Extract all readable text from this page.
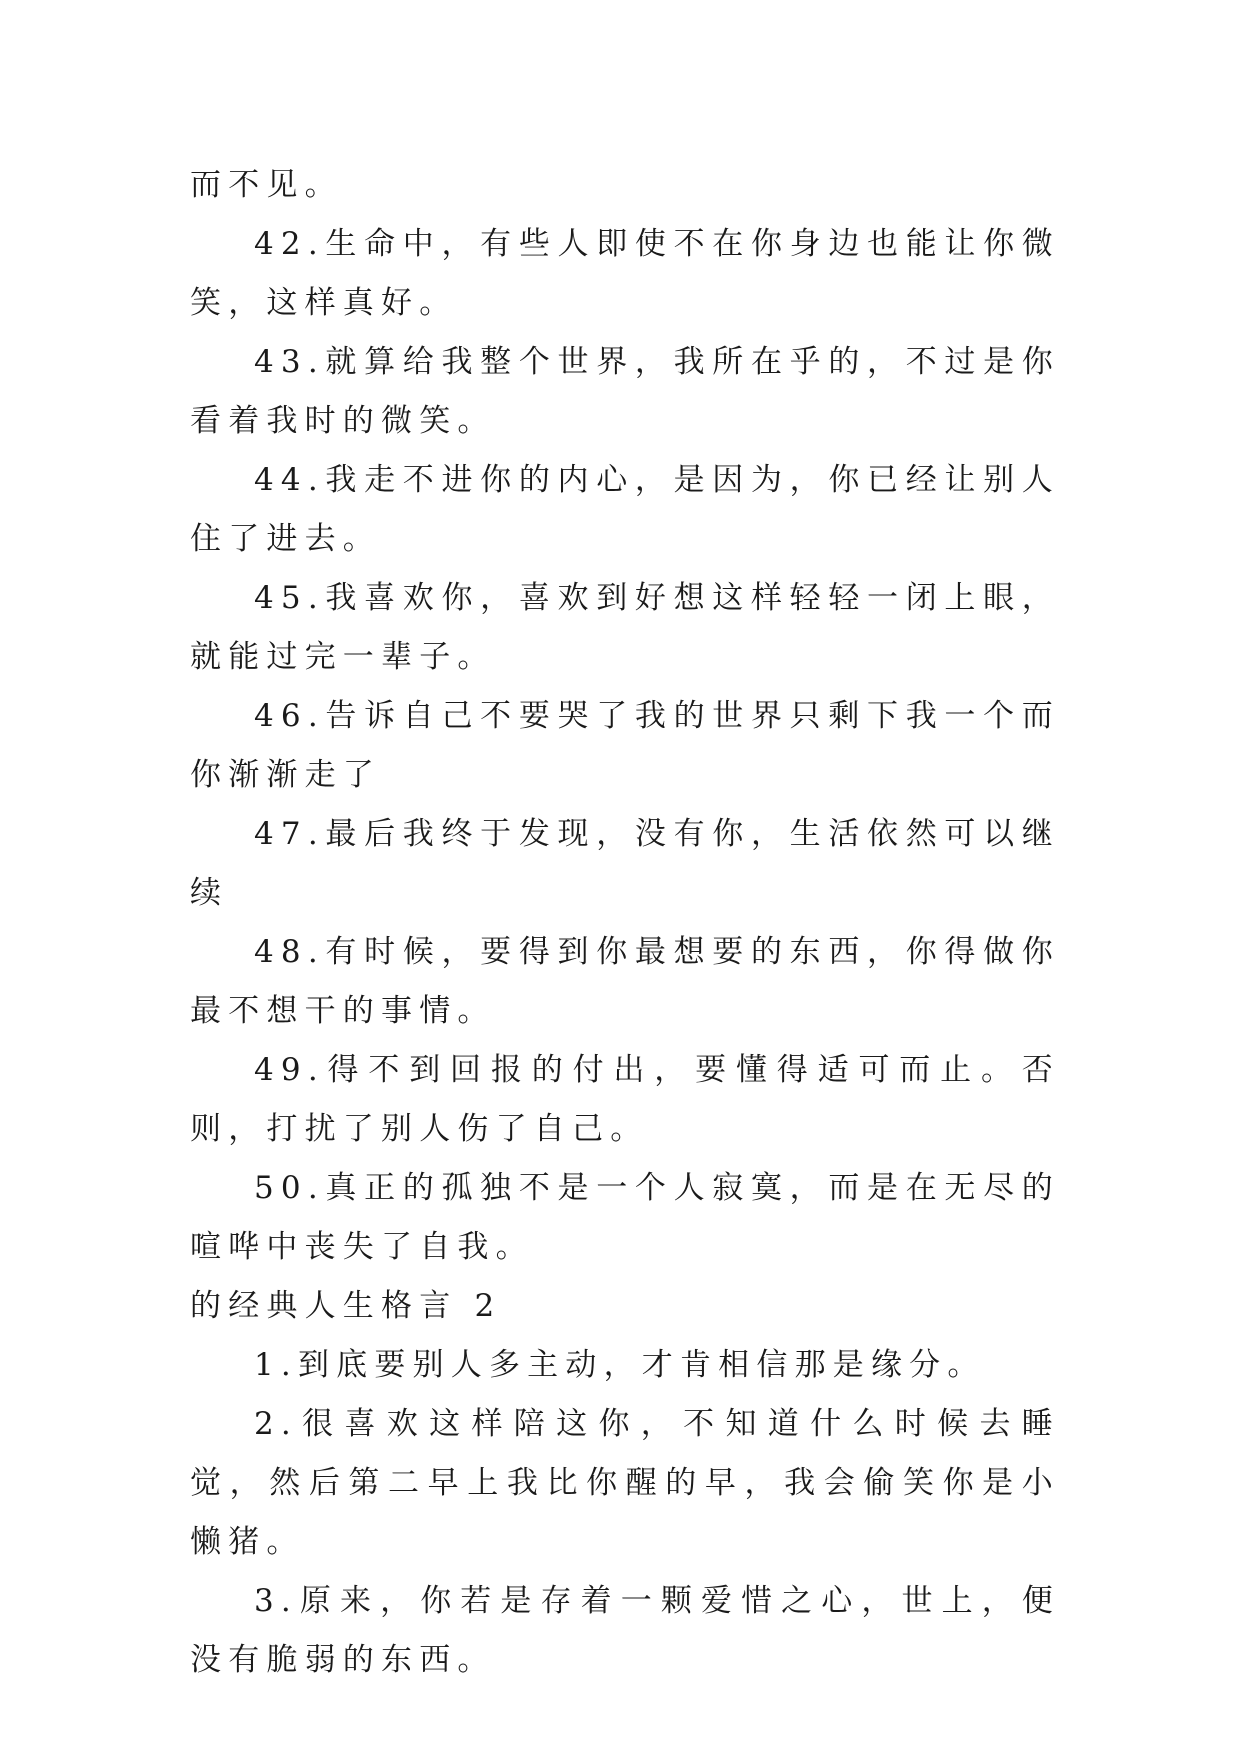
而不见。

42.生命中，有些人即使不在你身边也能让你微笑，这样真好。

43.就算给我整个世界，我所在乎的，不过是你看着我时的微笑。

44.我走不进你的内心，是因为，你已经让别人住了进去。

45.我喜欢你，喜欢到好想这样轻轻一闭上眼，就能过完一辈子。

46.告诉自己不要哭了我的世界只剩下我一个而你渐渐走了

47.最后我终于发现，没有你，生活依然可以继续

48.有时候，要得到你最想要的东西，你得做你最不想干的事情。

49.得不到回报的付出，要懂得适可而止。否则，打扰了别人伤了自己。

50.真正的孤独不是一个人寂寞，而是在无尽的喧哗中丧失了自我。

的经典人生格言 2

1.到底要别人多主动，才肯相信那是缘分。

2.很喜欢这样陪这你，不知道什么时候去睡觉，然后第二早上我比你醒的早，我会偷笑你是小懒猪。

3.原来，你若是存着一颗爱惜之心，世上，便没有脆弱的东西。
